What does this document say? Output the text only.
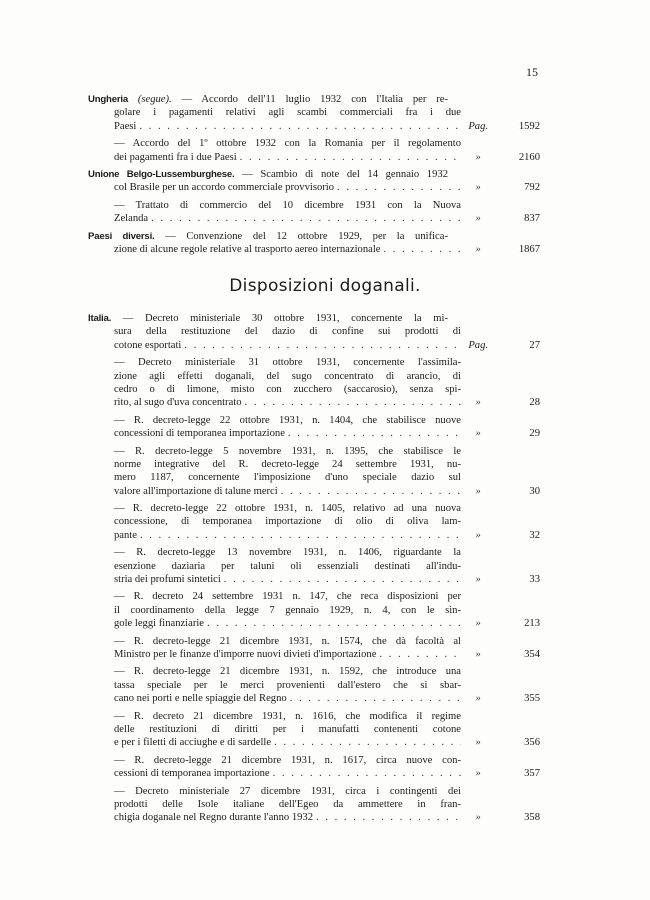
15
Ungheria (segue). — Accordo dell'11 luglio 1932 con l'Italia per re-
golare i pagamenti relativi agli scambi commerciali fra i due
Paesi . . .	Pag.	1592
— Accordo del 1º ottobre 1932 con la Romania per il regolamento
dei pagamenti fra i due Paesi . . .	»	2160
Unione Belgo-Lussemburghese. — Scambio di note del 14 gennaio 1932
col Brasile per un accordo commerciale provvisorio . . .	»	792
— Trattato di commercio del 10 dicembre 1931 con la Nuova
Zelanda . . .	»	837
Paesi diversi. — Convenzione del 12 ottobre 1929, per la unifica-
zione di alcune regole relative al trasporto aereo internazionale . . .	»	1867
Disposizioni doganali.
Italia. — Decreto ministeriale 30 ottobre 1931, concernente la mi-
sura della restituzione del dazio di confine sui prodotti di
cotone esportati . . .	Pag.	27
— Decreto ministeriale 31 ottobre 1931, concernente l'assimila-
zione agli effetti doganali, del sugo concentrato di arancio, di
cedro o di limone, misto con zucchero (saccarosio), senza spi-
rito, al sugo d'uva concentrato . . .	»	28
— R. decreto-legge 22 ottobre 1931, n. 1404, che stabilisce nuove
concessioni di temporanea importazione . . .	»	29
— R. decreto-legge 5 novembre 1931, n. 1395, che stabilisce le
norme integrative del R. decreto-legge 24 settembre 1931, nu-
mero 1187, concernente l'imposizione d'uno speciale dazio sul
valore all'importazione di talune merci . . .	»	30
— R. decreto-legge 22 ottobre 1931, n. 1405, relativo ad una nuova
concessione, di temporanea importazione di olio di oliva lam-
pante . . .	»	32
— R. decreto-legge 13 novembre 1931, n. 1406, riguardante la
esenzione daziaria per taluni oli essenziali destinati all'indu-
stria dei profumi sintetici . . .	»	33
— R. decreto 24 settembre 1931 n. 147, che reca disposizioni per
il coordinamento della legge 7 gennaio 1929, n. 4, con le sin-
gole leggi finanziarie . . .	»	213
— R. decreto-legge 21 dicembre 1931, n. 1574, che dà facoltà al
Ministro per le finanze d'imporre nuovi divieti d'importazione . . .	»	354
— R. decreto-legge 21 dicembre 1931, n. 1592, che introduce una
tassa speciale per le merci provenienti dall'estero che si sbar-
cano nei porti e nelle spiaggie del Regno . . .	»	355
— R. decreto 21 dicembre 1931, n. 1616, che modifica il regime
delle restituzioni di diritti per i manufatti contenenti cotone
e per i filetti di acciughe e di sardelle . . .	»	356
— R. decreto-legge 21 dicembre 1931, n. 1617, circa nuove con-
cessioni di temporanea importazione . . .	»	357
— Decreto ministeriale 27 dicembre 1931, circa i contingenti dei
prodotti delle Isole italiane dell'Egeo da ammettere in fran-
chigia doganale nel Regno durante l'anno 1932 . . .	»	358
